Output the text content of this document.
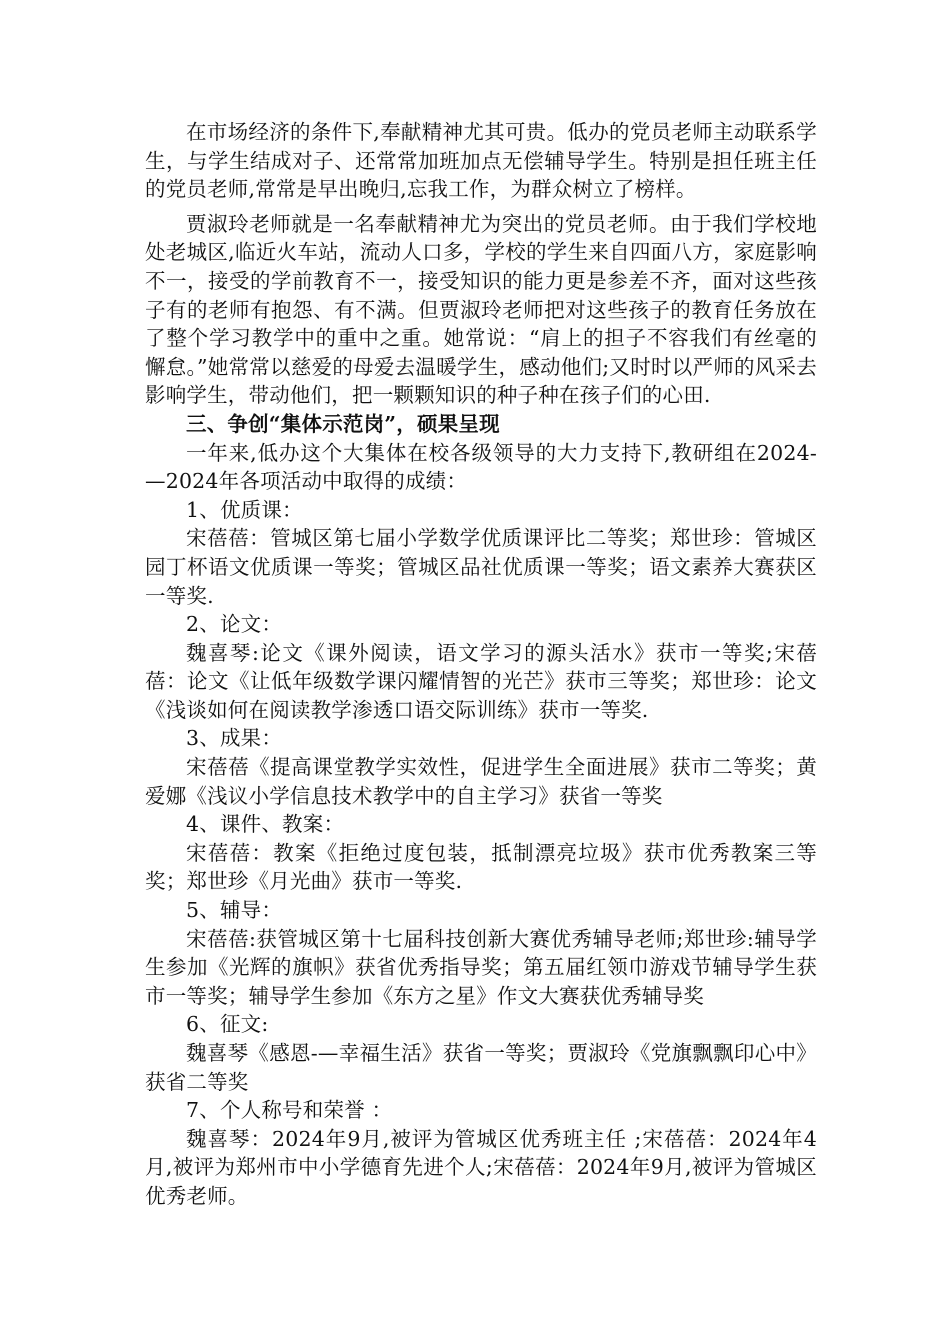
在市场经济的条件下,奉献精神尤其可贵。低办的党员老师主动联系学生，与学生结成对子、还常常加班加点无偿辅导学生。特别是担任班主任的党员老师,常常是早出晚归,忘我工作，为群众树立了榜样。

贾淑玲老师就是一名奉献精神尤为突出的党员老师。由于我们学校地处老城区,临近火车站，流动人口多，学校的学生来自四面八方，家庭影响不一，接受的学前教育不一，接受知识的能力更是参差不齐，面对这些孩子有的老师有抱怨、有不满。但贾淑玲老师把对这些孩子的教育任务放在了整个学习教学中的重中之重。她常说：“肩上的担子不容我们有丝毫的懈怠。”她常常以慈爱的母爱去温暖学生，感动他们;又时时以严师的风采去影响学生，带动他们，把一颗颗知识的种子种在孩子们的心田.

三、争创“集体示范岗”，硕果呈现

一年来,低办这个大集体在校各级领导的大力支持下,教研组在2024-—2024年各项活动中取得的成绩：

1、优质课：

宋蓓蓓：管城区第七届小学数学优质课评比二等奖；郑世珍：管城区园丁杯语文优质课一等奖；管城区品社优质课一等奖；语文素养大赛获区一等奖.

2、论文：

魏喜琴:论文《课外阅读，语文学习的源头活水》获市一等奖;宋蓓蓓：论文《让低年级数学课闪耀情智的光芒》获市三等奖；郑世珍：论文《浅谈如何在阅读教学渗透口语交际训练》获市一等奖.

3、成果：

宋蓓蓓《提高课堂教学实效性，促进学生全面进展》获市二等奖；黄爱娜《浅议小学信息技术教学中的自主学习》获省一等奖

4、课件、教案：

宋蓓蓓：教案《拒绝过度包装，抵制漂亮垃圾》获市优秀教案三等奖；郑世珍《月光曲》获市一等奖.

5、辅导：

宋蓓蓓:获管城区第十七届科技创新大赛优秀辅导老师;郑世珍:辅导学生参加《光辉的旗帜》获省优秀指导奖；第五届红领巾游戏节辅导学生获市一等奖；辅导学生参加《东方之星》作文大赛获优秀辅导奖

6、征文:

魏喜琴《感恩-—幸福生活》获省一等奖；贾淑玲《党旗飘飘印心中》获省二等奖

7、个人称号和荣誉 ：

魏喜琴：2024年9月,被评为管城区优秀班主任 ;宋蓓蓓：2024年4月,被评为郑州市中小学德育先进个人;宋蓓蓓：2024年9月,被评为管城区优秀老师。
